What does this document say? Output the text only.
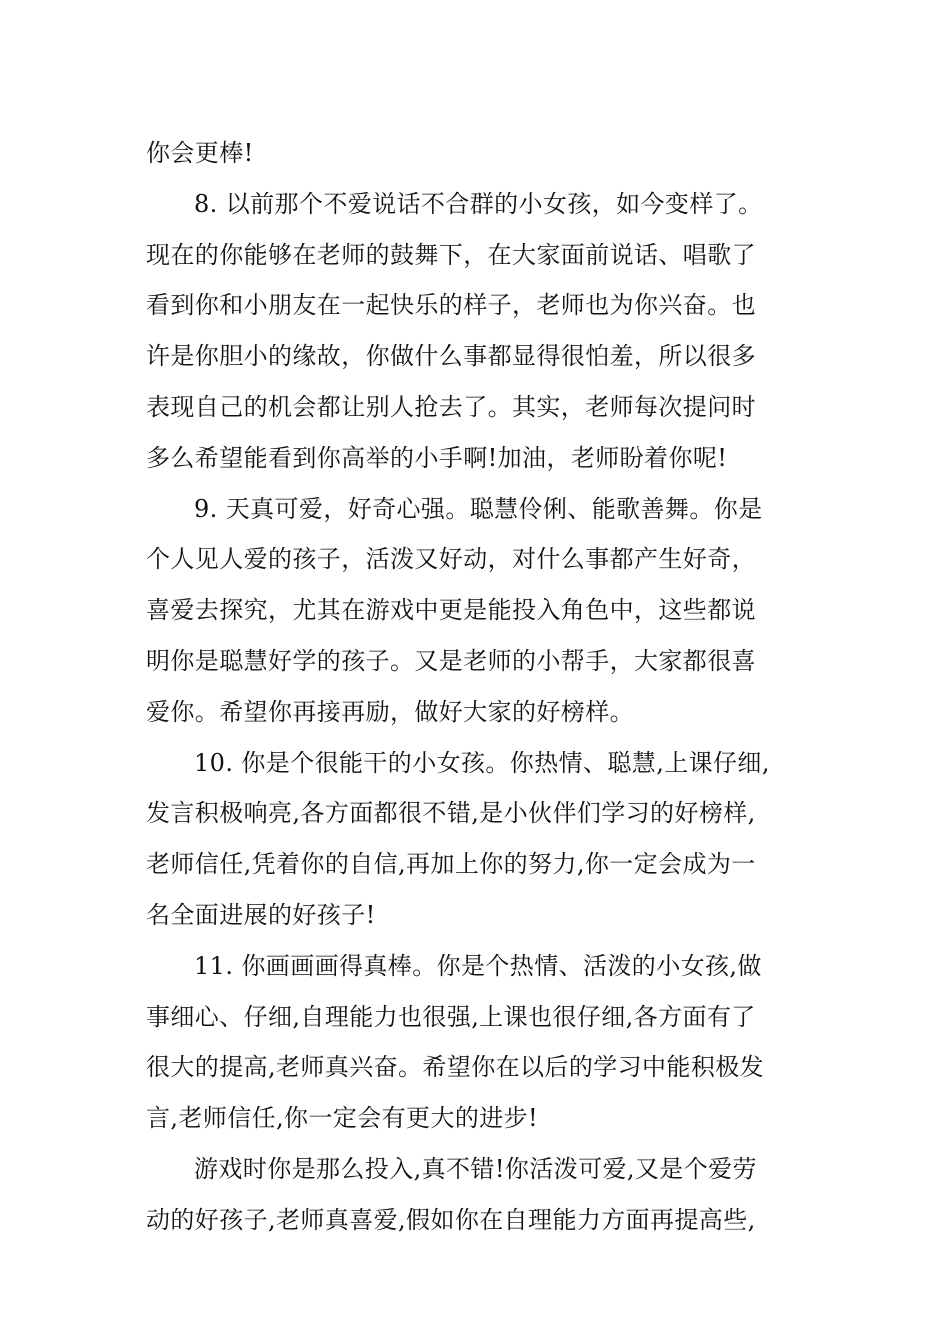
你会更棒!
8. 以前那个不爱说话不合群的小女孩，如今变样了。
现在的你能够在老师的鼓舞下，在大家面前说话、唱歌了
看到你和小朋友在一起快乐的样子，老师也为你兴奋。也
许是你胆小的缘故，你做什么事都显得很怕羞，所以很多
表现自己的机会都让别人抢去了。其实，老师每次提问时
多么希望能看到你高举的小手啊!加油，老师盼着你呢!
9. 天真可爱，好奇心强。聪慧伶俐、能歌善舞。你是
个人见人爱的孩子，活泼又好动，对什么事都产生好奇，
喜爱去探究，尤其在游戏中更是能投入角色中，这些都说
明你是聪慧好学的孩子。又是老师的小帮手，大家都很喜
爱你。希望你再接再励，做好大家的好榜样。
10. 你是个很能干的小女孩。你热情、聪慧,上课仔细,
发言积极响亮,各方面都很不错,是小伙伴们学习的好榜样,
老师信任,凭着你的自信,再加上你的努力,你一定会成为一
名全面进展的好孩子!
11. 你画画画得真棒。你是个热情、活泼的小女孩,做
事细心、仔细,自理能力也很强,上课也很仔细,各方面有了
很大的提高,老师真兴奋。希望你在以后的学习中能积极发
言,老师信任,你一定会有更大的进步!
游戏时你是那么投入,真不错!你活泼可爱,又是个爱劳
动的好孩子,老师真喜爱,假如你在自理能力方面再提高些,
